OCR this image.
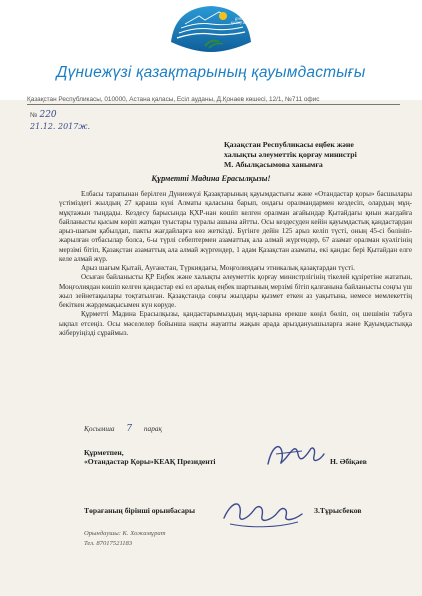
ДҮНИЕЖҮЗІ
ҚАЗАҚТАРЫНЫҢ
Дүниежүзі қазақтарының қауымдастығы
Қазақстан Республикасы, 010000, Астана қаласы, Есіл ауданы, Д.Қонаев көшесі, 12/1, №711 офис
№ 220
21.12. 2017ж.
Қазақстан Республикасы еңбек және
халықты әлеуметтік қорғау министрі
М. Абылқасымова ханымға
Құрметті Мадина Ерасылқызы!

Елбасы тарапынан берілген Дүниежүзі Қазақтарының қауымдастығы және «Отандастар қоры» басшылары үстіміздегі жылдың 27 қараша күні Алматы қаласына барып, ондағы оралмандармен кездесіп, олардың мұң-мұқтажын тыңдады. Кездесу барысында ҚХР-нан көшіп келген оралман ағайындар Қытайдағы қиын жағдайға байланысты қысым көріп жатқан туыстары туралы ашына айтты. Осы кездесуден кейін қауымдастық қандастардан арыз-шағым қабылдап, пакты жағдайларға көз жеткізді. Бүгінге дейін 125 арыз келіп түсті, оның 45-сі бөлініп-жарылған отбасылар болса, 6-ы түрлі себептермен азаматтық ала алмай жүргендер, 67 азамат оралман куәлігінің мерзімі бітіп, Қазақстан азаматтық ала алмай жүргендер, 1 адам Қазақстан азаматы, екі қандас бері Қытайдан елге келе алмай жүр.

Арыз шағым Қытай, Ауғанстан, Түркиядағы, Моңғолиядағы этникалық қазақтардан түсті.

Осыған байланысты ҚР Еңбек және халықты әлеуметтік қорғау министрлігінің тікелей құзіретіне жататын, Моңғолиядан көшіп келген қандастар екі ел аралық еңбек шартының мерзімі бітіп қалғанына байланысты соңғы үш жыл зейнетақылары тоқтатылған. Қазақстанда соңғы жылдары қызмет еткен аз уақытына, немесе мемлекеттің бекіткен жәрдемақысымен күн көруде.

Құрметті Мадина Ерасылқызы, қандастарымыздың мұң-зарына ерекше көңіл бөліп, оң шешімін табуға ықпал етсеңіз. Осы мәселелер бойынша нақты жауапты жақын арада арыздануышыларға және Қауымдастыққа жіберуіңізді сұраймыз.

Қосымша 7 парақ
Құрметпен,
«Отандастар Қоры»КЕАҚ Президенті	Н. Әбіқаев
Төрағаның бірінші орынбасары	З.Тұрысбеков
Орындаушы: К. Хожамұрат
Тел. 87017521183
